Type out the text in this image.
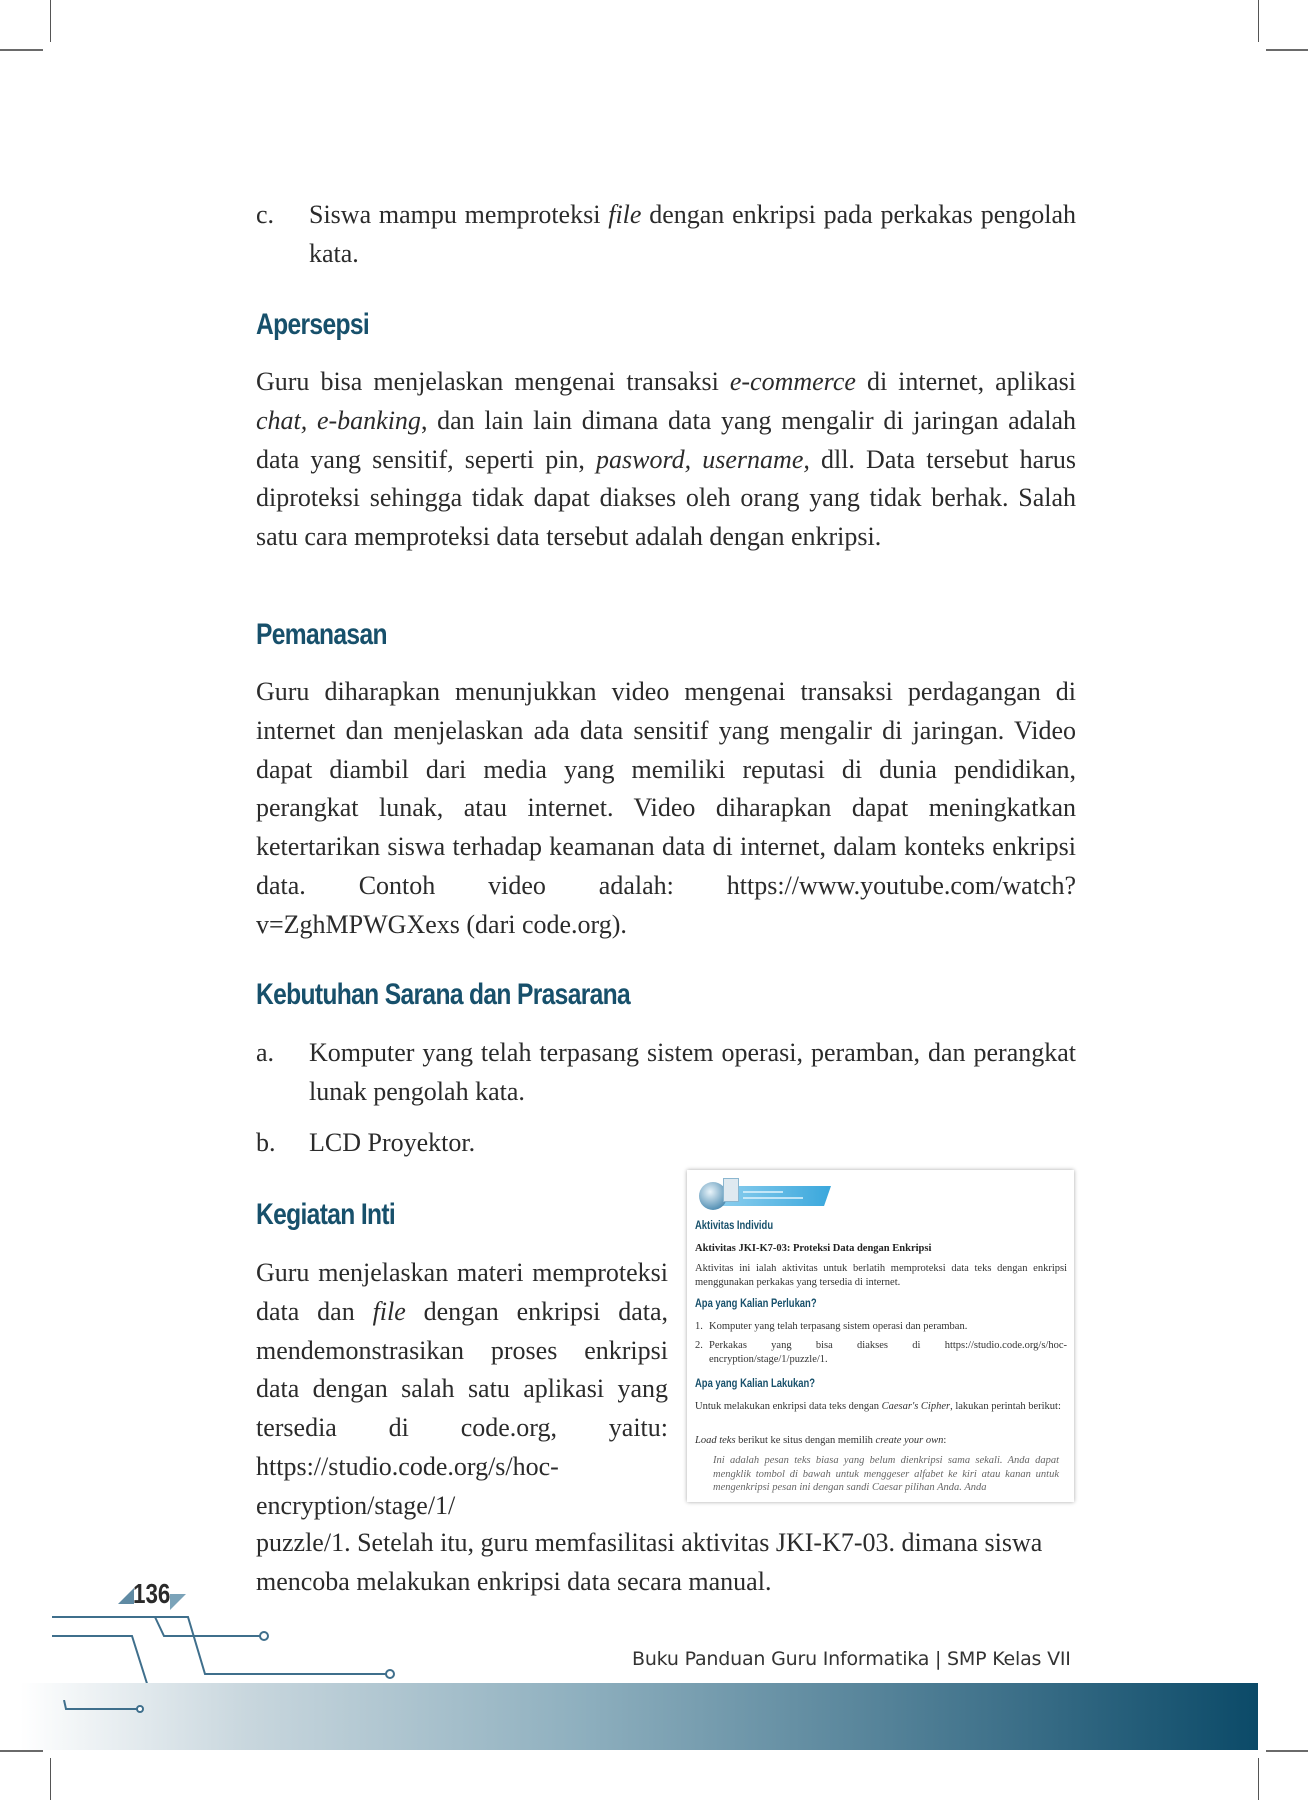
c.	Siswa mampu memproteksi file dengan enkripsi pada perkakas pengolah kata.
Apersepsi
Guru bisa menjelaskan mengenai transaksi e-commerce di internet, aplikasi chat, e-banking, dan lain lain dimana data yang mengalir di jaringan adalah data yang sensitif, seperti pin, pasword, username, dll. Data tersebut harus diproteksi sehingga tidak dapat diakses oleh orang yang tidak berhak. Salah satu cara memproteksi data tersebut adalah dengan enkripsi.
Pemanasan
Guru diharapkan menunjukkan video mengenai transaksi perdagangan di internet dan menjelaskan ada data sensitif yang mengalir di jaringan. Video dapat diambil dari media yang memiliki reputasi di dunia pendidikan, perangkat lunak, atau internet. Video diharapkan dapat meningkatkan ketertarikan siswa terhadap keamanan data di internet, dalam konteks enkripsi data. Contoh video adalah: https://www.youtube.com/watch?v=ZghMPWGXexs (dari code.org).
Kebutuhan Sarana dan Prasarana
a.	Komputer yang telah terpasang sistem operasi, peramban, dan perangkat lunak pengolah kata.
b.	LCD Proyektor.
Kegiatan Inti
Guru menjelaskan materi memproteksi data dan file dengan enkripsi data, mendemonstrasikan proses enkripsi data dengan salah satu aplikasi yang tersedia di code.org, yaitu: https://studio.code.org/s/hoc-encryption/stage/1/
puzzle/1. Setelah itu, guru memfasilitasi aktivitas JKI-K7-03. dimana siswa mencoba melakukan enkripsi data secara manual.
Aktivitas Individu
Aktivitas JKI-K7-03: Proteksi Data dengan Enkripsi
Aktivitas ini ialah aktivitas untuk berlatih memproteksi data teks dengan enkripsi menggunakan perkakas yang tersedia di internet.
Apa yang Kalian Perlukan?
1. Komputer yang telah terpasang sistem operasi dan peramban.
2. Perkakas yang bisa diakses di https://studio.code.org/s/hoc-encryption/stage/1/puzzle/1.
Apa yang Kalian Lakukan?
Untuk melakukan enkripsi data teks dengan Caesar's Cipher, lakukan perintah berikut:
Load teks berikut ke situs dengan memilih create your own:
Ini adalah pesan teks biasa yang belum dienkripsi sama sekali. Anda dapat mengklik tombol di bawah untuk menggeser alfabet ke kiri atau kanan untuk mengenkripsi pesan ini dengan sandi Caesar pilihan Anda. Anda
136
Buku Panduan Guru Informatika | SMP Kelas VII
